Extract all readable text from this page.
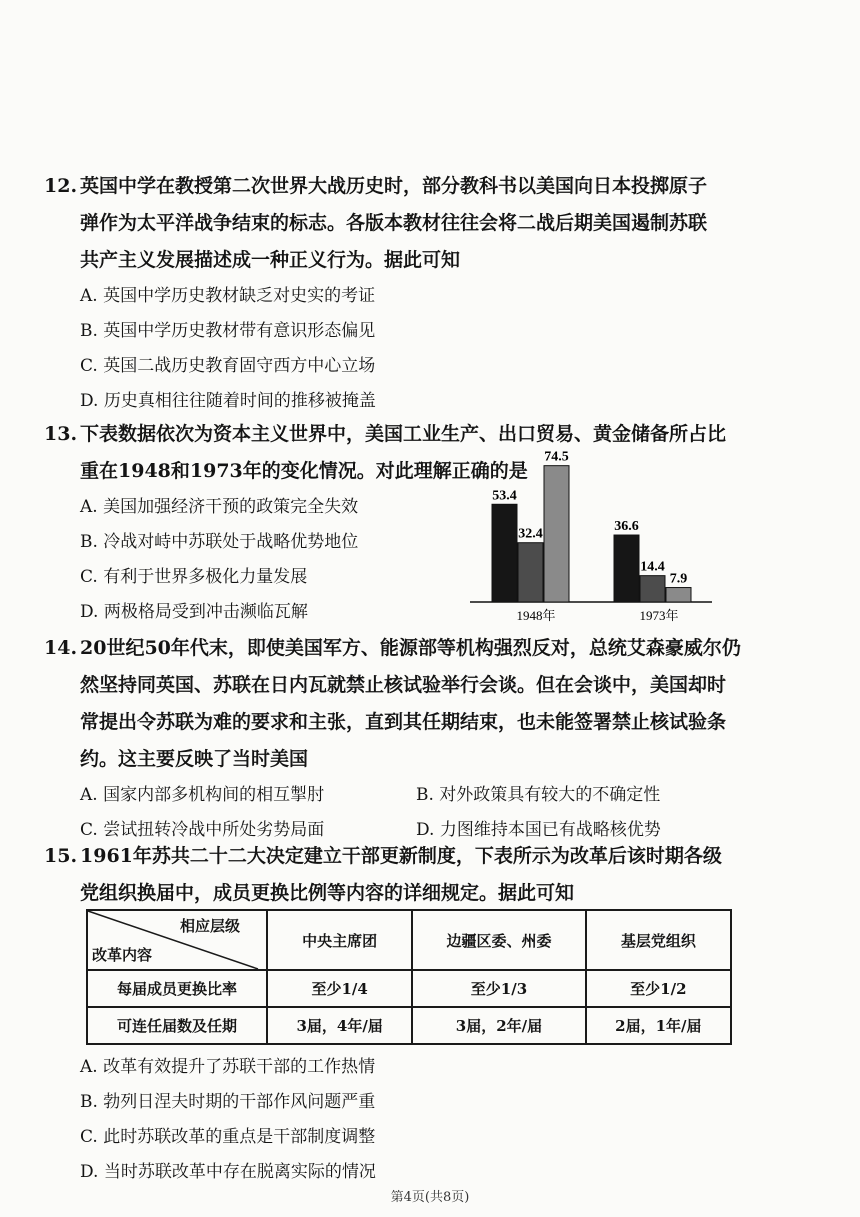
12. 英国中学在教授第二次世界大战历史时，部分教科书以美国向日本投掷原子

弹作为太平洋战争结束的标志。各版本教材往往会将二战后期美国遏制苏联

共产主义发展描述成一种正义行为。据此可知

A. 英国中学历史教材缺乏对史实的考证
B. 英国中学历史教材带有意识形态偏见
C. 英国二战历史教育固守西方中心立场
D. 历史真相往往随着时间的推移被掩盖

13. 下表数据依次为资本主义世界中，美国工业生产、出口贸易、黄金储备所占比

重在1948和1973年的变化情况。对此理解正确的是

A. 美国加强经济干预的政策完全失效
B. 冷战对峙中苏联处于战略优势地位
C. 有利于世界多极化力量发展
D. 两极格局受到冲击濒临瓦解
53.4
32.4
74.5
36.6
14.4
7.9
1948年	1973年

14. 20世纪50年代末，即使美国军方、能源部等机构强烈反对，总统艾森豪威尔仍

然坚持同英国、苏联在日内瓦就禁止核试验举行会谈。但在会谈中，美国却时

常提出令苏联为难的要求和主张，直到其任期结束，也未能签署禁止核试验条

约。这主要反映了当时美国

A. 国家内部多机构间的相互掣肘	B. 对外政策具有较大的不确定性
C. 尝试扭转冷战中所处劣势局面	D. 力图维持本国已有战略核优势

15. 1961年苏共二十二大决定建立干部更新制度，下表所示为改革后该时期各级

党组织换届中，成员更换比例等内容的详细规定。据此可知

相应层级
改革内容	中央主席团	边疆区委、州委	基层党组织
每届成员更换比率	至少1/4	至少1/3	至少1/2
可连任届数及任期	3届，4年/届	3届，2年/届	2届，1年/届
A. 改革有效提升了苏联干部的工作热情
B. 勃列日涅夫时期的干部作风问题严重
C. 此时苏联改革的重点是干部制度调整
D. 当时苏联改革中存在脱离实际的情况
第4页(共8页)
